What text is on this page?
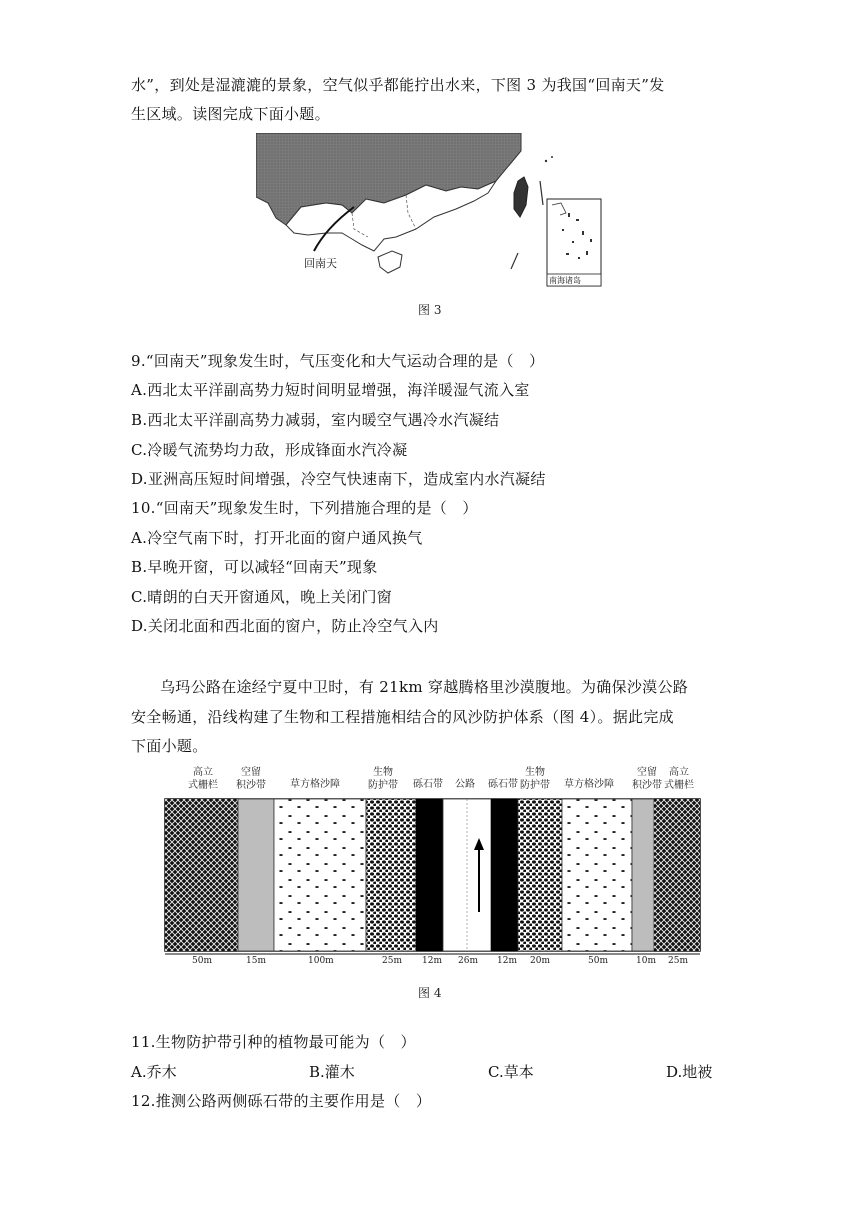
水”，到处是湿漉漉的景象，空气似乎都能拧出水来，下图 3 为我国“回南天”发
生区域。读图完成下面小题。
回南天
南海诸岛
图 3
9.“回南天”现象发生时，气压变化和大气运动合理的是（　）
A.西北太平洋副高势力短时间明显增强，海洋暖湿气流入室
B.西北太平洋副高势力减弱，室内暖空气遇冷水汽凝结
C.冷暖气流势均力敌，形成锋面水汽冷凝
D.亚洲高压短时间增强，冷空气快速南下，造成室内水汽凝结
10.“回南天”现象发生时，下列措施合理的是（　）
A.冷空气南下时，打开北面的窗户通风换气
B.早晚开窗，可以减轻“回南天”现象
C.晴朗的白天开窗通风，晚上关闭门窗
D.关闭北面和西北面的窗户，防止冷空气入内
乌玛公路在途经宁夏中卫时，有 21km 穿越腾格里沙漠腹地。为确保沙漠公路
安全畅通，沿线构建了生物和工程措施相结合的风沙防护体系（图 4）。据此完成
下面小题。
高立
式栅栏
空留
积沙带 草方格沙障
生物
防护带 砾石带 公路 砾石带
生物
防护带 草方格沙障
空留
积沙带
高立
式栅栏
50m	15m	100m	25m 12m 26m 12m 20m	50m	10m 25m
图 4
11.生物防护带引种的植物最可能为（　）
A.乔木	B.灌木	C.草本	D.地被
12.推测公路两侧砾石带的主要作用是（　）
